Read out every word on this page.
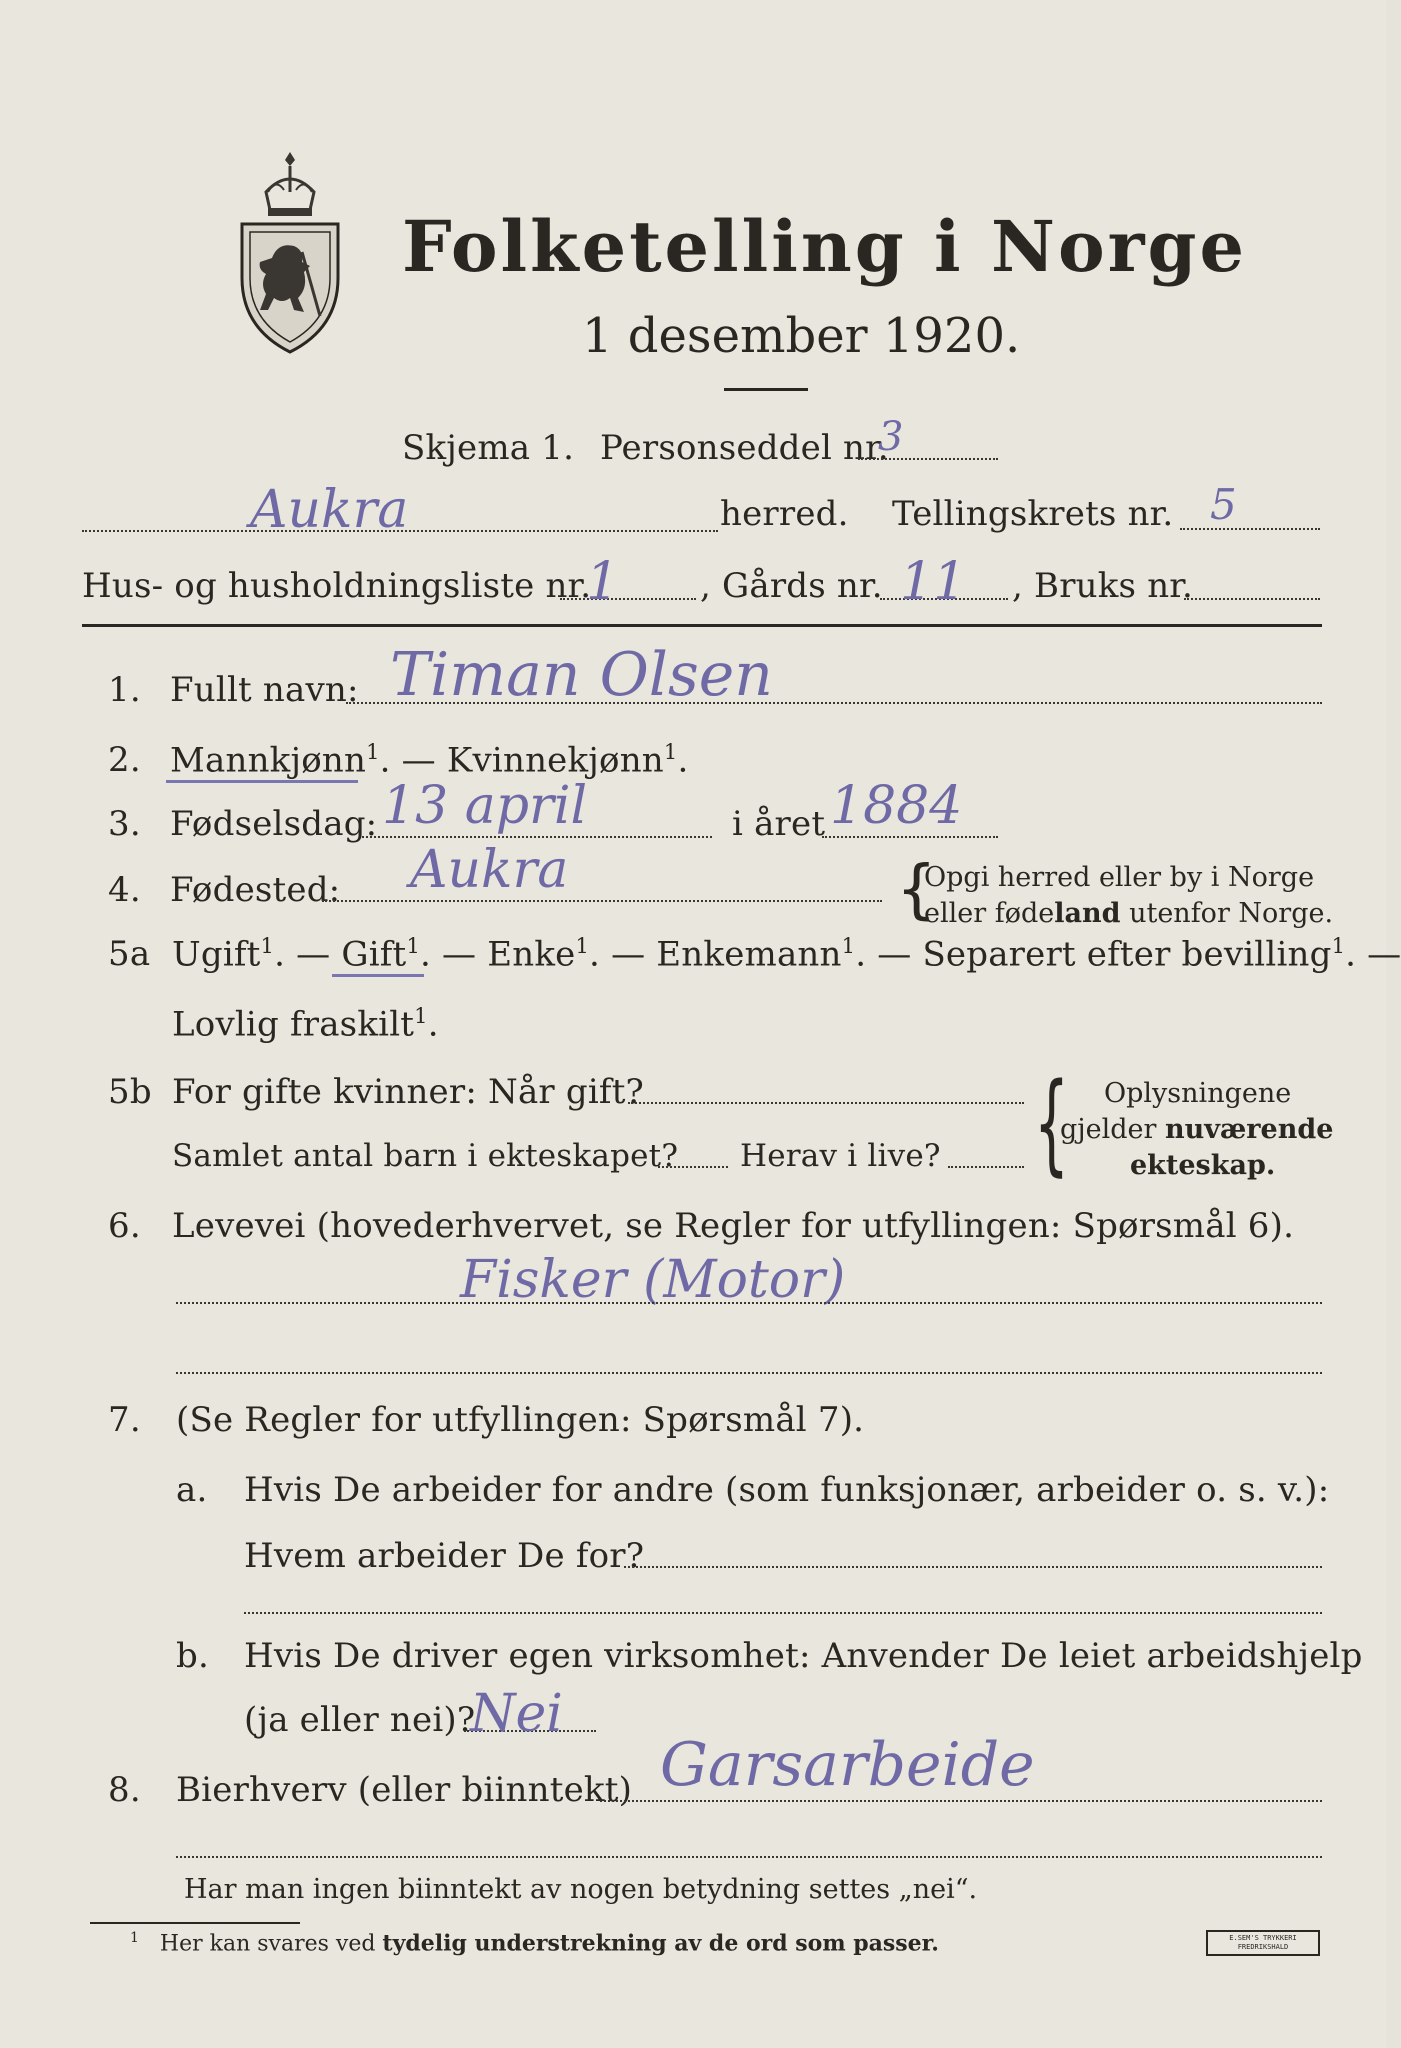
Folketelling i Norge
1 desember 1920.
Skjema 1. Personseddel nr.
3
Aukra	herred. Tellingskrets nr. 5
Hus- og husholdningsliste nr.
1 , Gårds nr. 11 , Bruks nr.
1. Fullt navn: Timan Olsen
2. Mannkjønn$^1$. — Kvinnekjønn$^1$.
3. Fødselsdag: 13 april	i året 1884
4. Fødested: Aukra	{
Opgi herred eller by i Norge
eller fødeland utenfor Norge.
5a Ugift$^1$. — Gift$^1$. — Enke$^1$. — Enkemann$^1$. — Separert efter bevilling$^1$. —
Lovlig fraskilt$^1$.
5b For gifte kvinner: Når gift?
Samlet antal barn i ekteskapet? Herav i live? { Oplysningene
gjelder nuværende
ekteskap.
6. Levevei (hovederhvervet, se Regler for utfyllingen: Spørsmål 6).
Fisker (Motor)
7. (Se Regler for utfyllingen: Spørsmål 7).
a. Hvis De arbeider for andre (som funksjonær, arbeider o. s. v.):
Hvem arbeider De for?
b. Hvis De driver egen virksomhet: Anvender De leiet arbeidshjelp
(ja eller nei)?
Nei
8. Bierhverv (eller biinntekt) Garsarbeide
Har man ingen biinntekt av nogen betydning settes „nei“.
$^1$ Her kan svares ved tydelig understrekning av de ord som passer.	E.SEM'S TRYKKERI
FREDRIKSHALD
